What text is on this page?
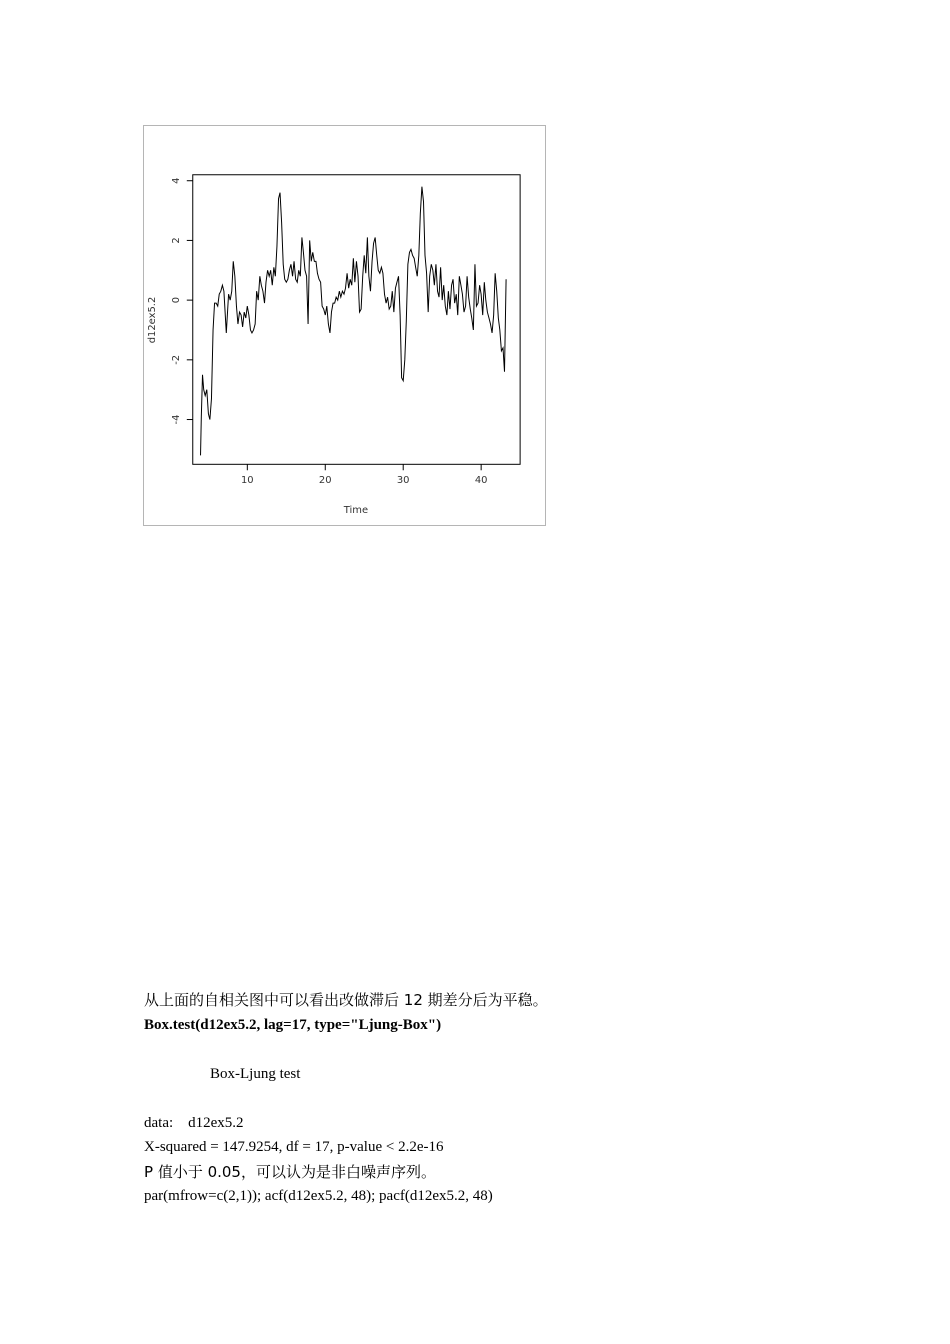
10	20	30	40
-4
-2
0
2
4
Time
d12ex5.2
从上面的自相关图中可以看出改做滞后 12 期差分后为平稳。
Box.test(d12ex5.2, lag=17, type="Ljung-Box")
Box-Ljung test
data:    d12ex5.2
X-squared = 147.9254, df = 17, p-value < 2.2e-16
P 值小于 0.05，可以认为是非白噪声序列。
par(mfrow=c(2,1)); acf(d12ex5.2, 48); pacf(d12ex5.2, 48)
